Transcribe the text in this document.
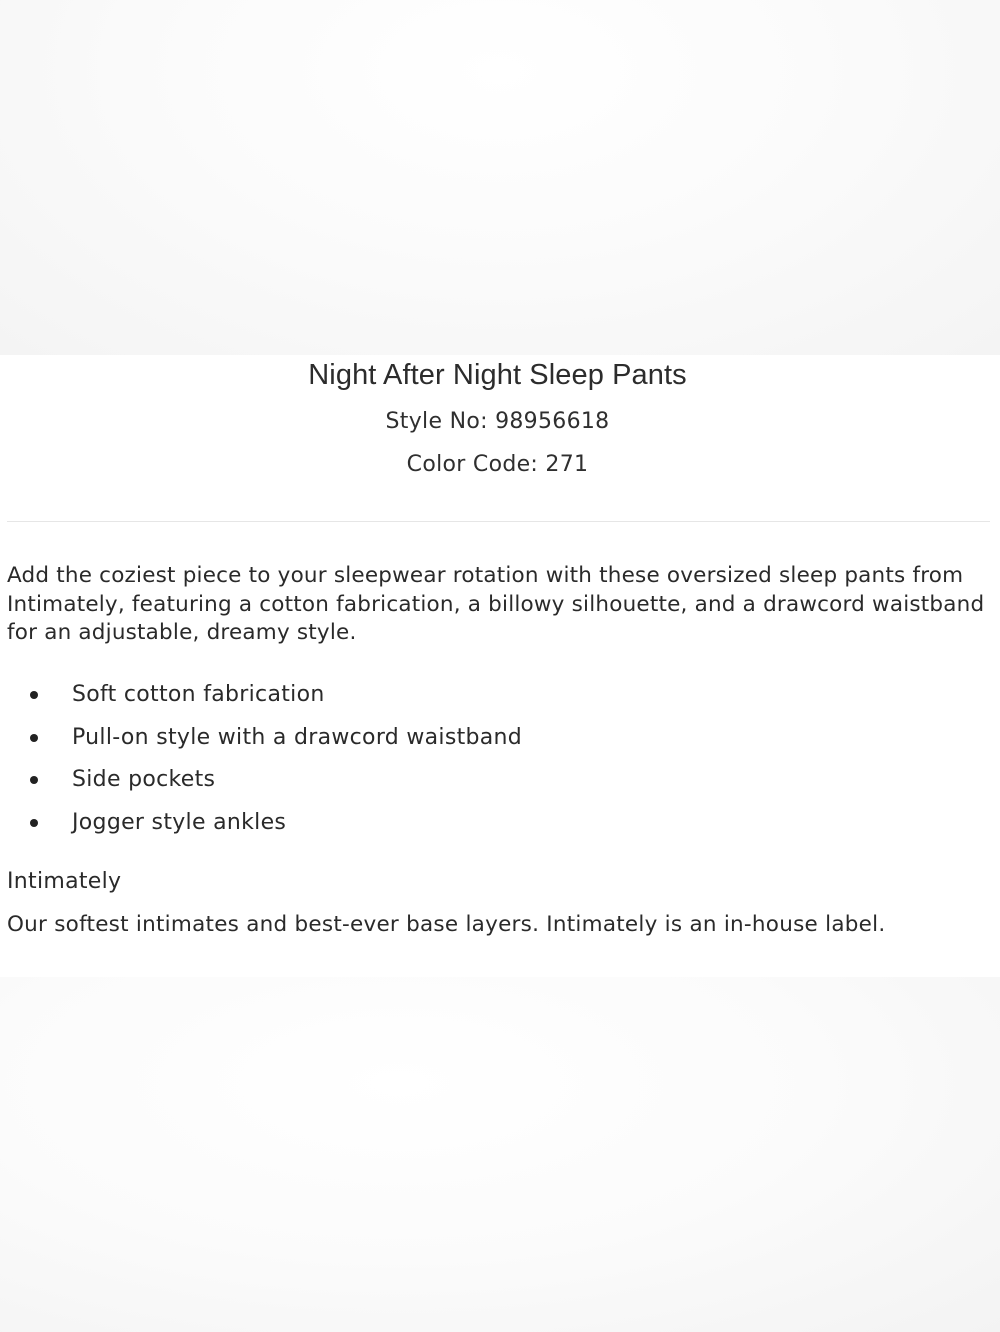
Night After Night Sleep Pants
Style No: 98956618
Color Code: 271

Add the coziest piece to your sleepwear rotation with these oversized sleep pants from Intimately, featuring a cotton fabrication, a billowy silhouette, and a drawcord waistband for an adjustable, dreamy style.

Soft cotton fabrication
Pull-on style with a drawcord waistband
Side pockets
Jogger style ankles
Intimately
Our softest intimates and best-ever base layers. Intimately is an in-house label.
